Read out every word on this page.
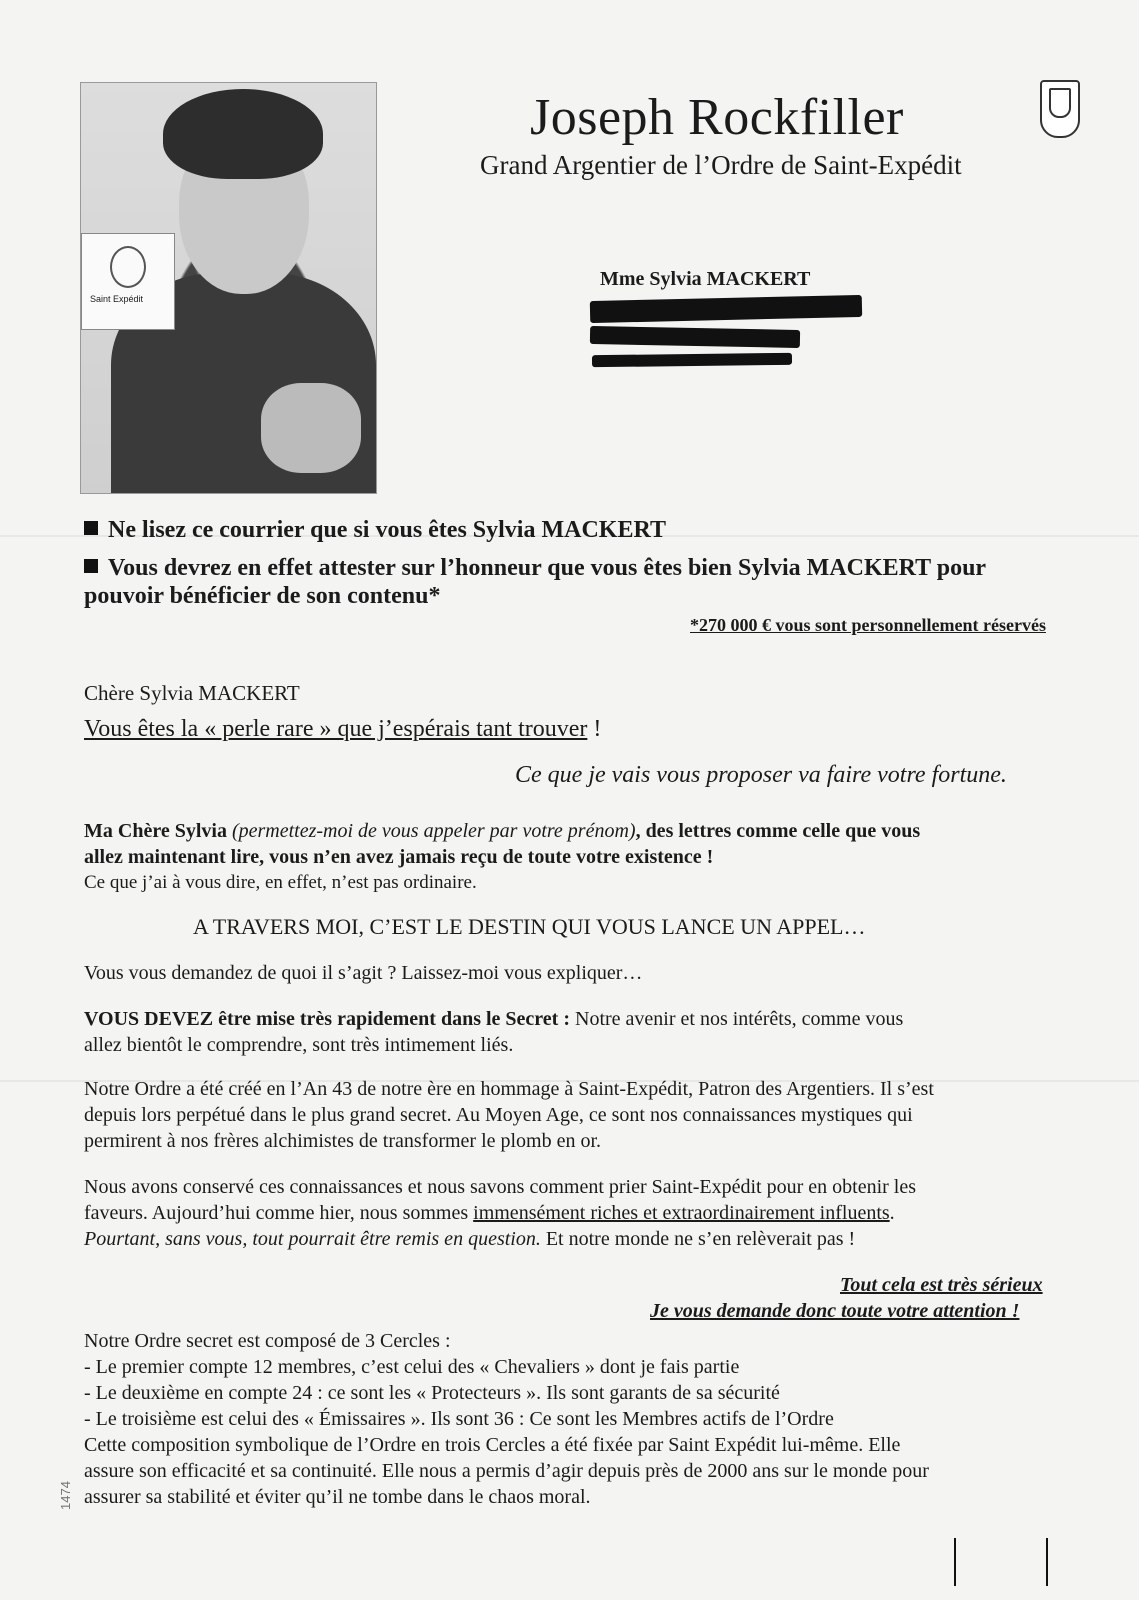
Saint Expédit
Joseph Rockfiller
Grand Argentier de l’Ordre de Saint-Expédit
Mme Sylvia MACKERT
Ne lisez ce courrier que si vous êtes Sylvia MACKERT
Vous devrez en effet attester sur l’honneur que vous êtes bien Sylvia MACKERT pour
pouvoir bénéficier de son contenu*
*270 000 € vous sont personnellement réservés
Chère Sylvia MACKERT
Vous êtes la « perle rare » que j’espérais tant trouver !
Ce que je vais vous proposer va faire votre fortune.
Ma Chère Sylvia (permettez-moi de vous appeler par votre prénom), des lettres comme celle que vous
allez maintenant lire, vous n’en avez jamais reçu de toute votre existence !
Ce que j’ai à vous dire, en effet, n’est pas ordinaire.
A TRAVERS MOI, C’EST LE DESTIN QUI VOUS LANCE UN APPEL…
Vous vous demandez de quoi il s’agit ? Laissez-moi vous expliquer…
VOUS DEVEZ être mise très rapidement dans le Secret : Notre avenir et nos intérêts, comme vous
allez bientôt le comprendre, sont très intimement liés.
Notre Ordre a été créé en l’An 43 de notre ère en hommage à Saint-Expédit, Patron des Argentiers. Il s’est
depuis lors perpétué dans le plus grand secret. Au Moyen Age, ce sont nos connaissances mystiques qui
permirent à nos frères alchimistes de transformer le plomb en or.
Nous avons conservé ces connaissances et nous savons comment prier Saint-Expédit pour en obtenir les
faveurs. Aujourd’hui comme hier, nous sommes immensément riches et extraordinairement influents.
Pourtant, sans vous, tout pourrait être remis en question. Et notre monde ne s’en relèverait pas !
Tout cela est très sérieux
Je vous demande donc toute votre attention !
Notre Ordre secret est composé de 3 Cercles :
- Le premier compte 12 membres, c’est celui des « Chevaliers » dont je fais partie
- Le deuxième en compte 24 : ce sont les « Protecteurs ». Ils sont garants de sa sécurité
- Le troisième est celui des « Émissaires ». Ils sont 36 : Ce sont les Membres actifs de l’Ordre
Cette composition symbolique de l’Ordre en trois Cercles a été fixée par Saint Expédit lui-même. Elle
assure son efficacité et sa continuité. Elle nous a permis d’agir depuis près de 2000 ans sur le monde pour
assurer sa stabilité et éviter qu’il ne tombe dans le chaos moral.
1474
